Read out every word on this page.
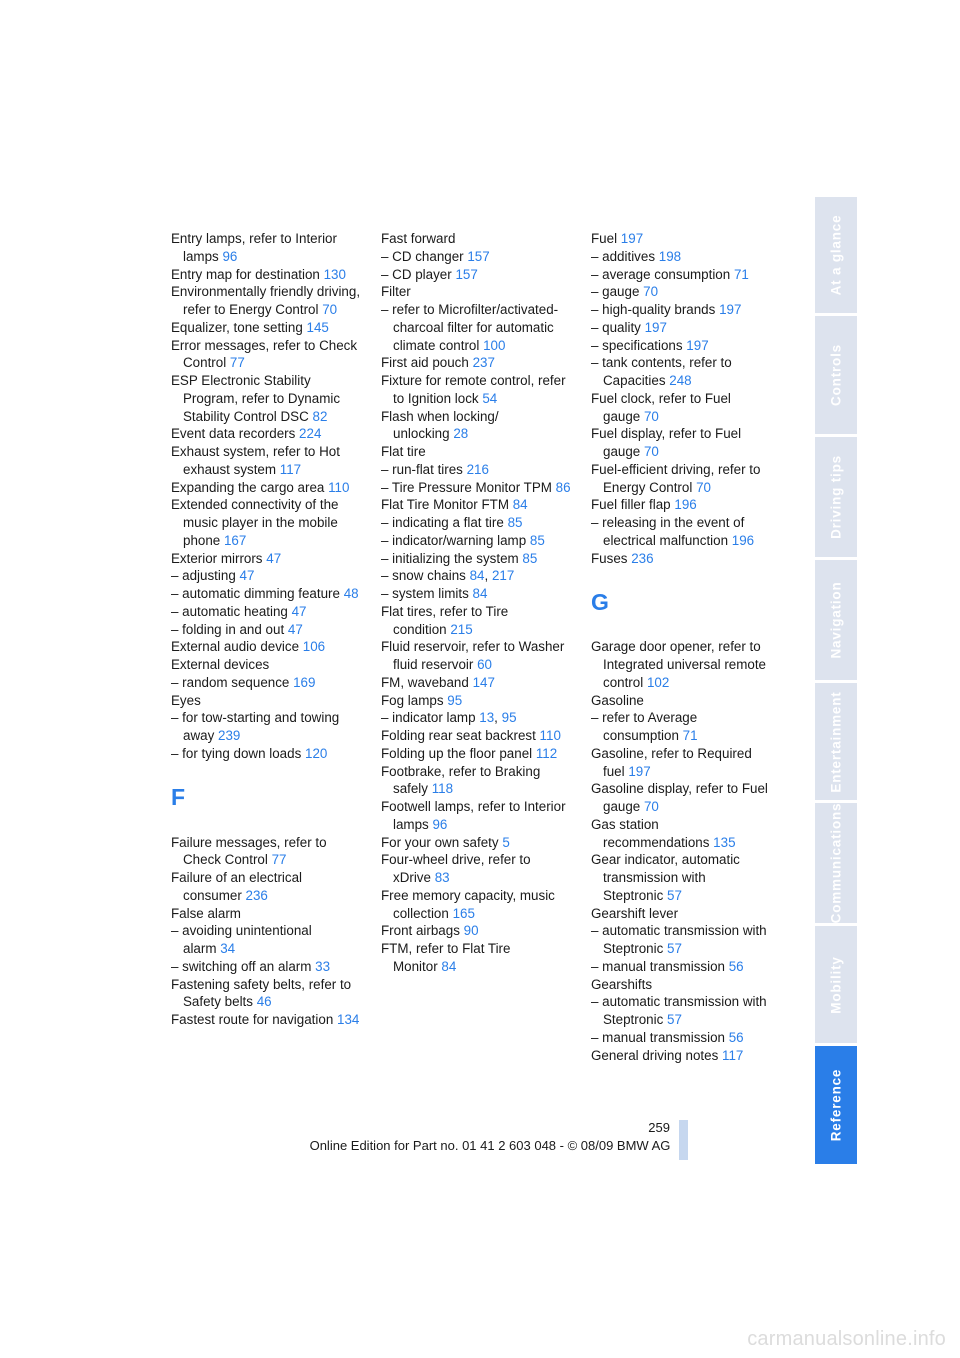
Entry lamps, refer to Interior lamps 96
Entry map for destination 130
Environmentally friendly driving, refer to Energy Control 70
Equalizer, tone setting 145
Error messages, refer to Check Control 77
ESP Electronic Stability Program, refer to Dynamic Stability Control DSC 82
Event data recorders 224
Exhaust system, refer to Hot exhaust system 117
Expanding the cargo area 110
Extended connectivity of the music player in the mobile phone 167
Exterior mirrors 47
– adjusting 47
– automatic dimming feature 48
– automatic heating 47
– folding in and out 47
External audio device 106
External devices
– random sequence 169
Eyes
– for tow-starting and towing away 239
– for tying down loads 120
F
Failure messages, refer to Check Control 77
Failure of an electrical consumer 236
False alarm
– avoiding unintentional alarm 34
– switching off an alarm 33
Fastening safety belts, refer to Safety belts 46
Fastest route for navigation 134
Fast forward
– CD changer 157
– CD player 157
Filter
– refer to Microfilter/activated-charcoal filter for automatic climate control 100
First aid pouch 237
Fixture for remote control, refer to Ignition lock 54
Flash when locking/ unlocking 28
Flat tire
– run-flat tires 216
– Tire Pressure Monitor TPM 86
Flat Tire Monitor FTM 84
– indicating a flat tire 85
– indicator/warning lamp 85
– initializing the system 85
– snow chains 84, 217
– system limits 84
Flat tires, refer to Tire condition 215
Fluid reservoir, refer to Washer fluid reservoir 60
FM, waveband 147
Fog lamps 95
– indicator lamp 13, 95
Folding rear seat backrest 110
Folding up the floor panel 112
Footbrake, refer to Braking safely 118
Footwell lamps, refer to Interior lamps 96
For your own safety 5
Four-wheel drive, refer to xDrive 83
Free memory capacity, music collection 165
Front airbags 90
FTM, refer to Flat Tire Monitor 84
Fuel 197
– additives 198
– average consumption 71
– gauge 70
– high-quality brands 197
– quality 197
– specifications 197
– tank contents, refer to Capacities 248
Fuel clock, refer to Fuel gauge 70
Fuel display, refer to Fuel gauge 70
Fuel-efficient driving, refer to Energy Control 70
Fuel filler flap 196
– releasing in the event of electrical malfunction 196
Fuses 236
G
Garage door opener, refer to Integrated universal remote control 102
Gasoline
– refer to Average consumption 71
Gasoline, refer to Required fuel 197
Gasoline display, refer to Fuel gauge 70
Gas station recommendations 135
Gear indicator, automatic transmission with Steptronic 57
Gearshift lever
– automatic transmission with Steptronic 57
– manual transmission 56
Gearshifts
– automatic transmission with Steptronic 57
– manual transmission 56
General driving notes 117
At a glance
Controls
Driving tips
Navigation
Entertainment
Communications
Mobility
Reference
259
Online Edition for Part no. 01 41 2 603 048 - © 08/09 BMW AG
carmanualsonline.info
